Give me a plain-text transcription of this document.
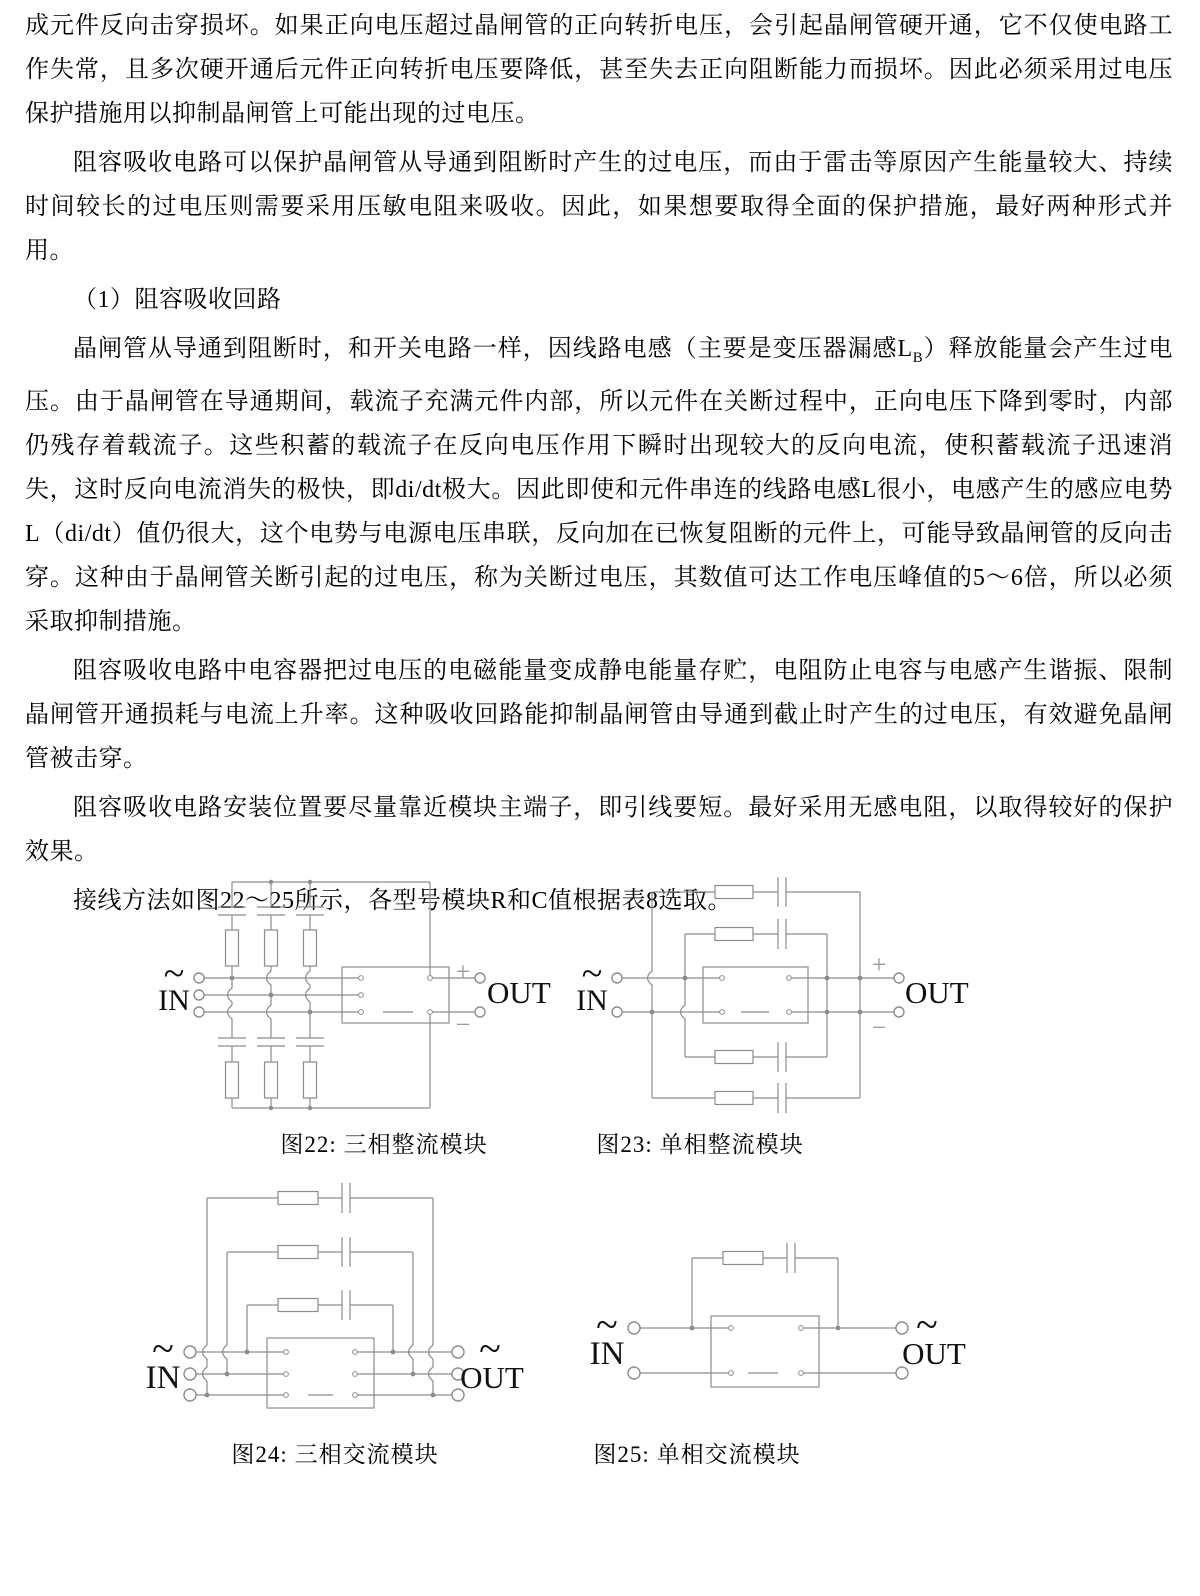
成元件反向击穿损坏。如果正向电压超过晶闸管的正向转折电压，会引起晶闸管硬开通，它不仅使电路工作失常，且多次硬开通后元件正向转折电压要降低，甚至失去正向阻断能力而损坏。因此必须采用过电压保护措施用以抑制晶闸管上可能出现的过电压。

阻容吸收电路可以保护晶闸管从导通到阻断时产生的过电压，而由于雷击等原因产生能量较大、持续时间较长的过电压则需要采用压敏电阻来吸收。因此，如果想要取得全面的保护措施，最好两种形式并用。

（1）阻容吸收回路

晶闸管从导通到阻断时，和开关电路一样，因线路电感（主要是变压器漏感$L_B$）释放能量会产生过电压。由于晶闸管在导通期间，载流子充满元件内部，所以元件在关断过程中，正向电压下降到零时，内部仍残存着载流子。这些积蓄的载流子在反向电压作用下瞬时出现较大的反向电流，使积蓄载流子迅速消失，这时反向电流消失的极快，即di/dt极大。因此即使和元件串连的线路电感L很小，电感产生的感应电势L（di/dt）值仍很大，这个电势与电源电压串联，反向加在已恢复阻断的元件上，可能导致晶闸管的反向击穿。这种由于晶闸管关断引起的过电压，称为关断过电压，其数值可达工作电压峰值的5～6倍，所以必须采取抑制措施。

阻容吸收电路中电容器把过电压的电磁能量变成静电能量存贮，电阻防止电容与电感产生谐振、限制晶闸管开通损耗与电流上升率。这种吸收回路能抑制晶闸管由导通到截止时产生的过电压，有效避免晶闸管被击穿。

阻容吸收电路安装位置要尽量靠近模块主端子，即引线要短。最好采用无感电阻，以取得较好的保护效果。

接线方法如图22～25所示，各型号模块R和C值根据表8选取。

~
IN
+
−
OUT ~
IN
+
−
OUT
~
IN
~
OUT
~
IN
~
OUT
图22: 三相整流模块	图23: 单相整流模块
图24: 三相交流模块	图25: 单相交流模块
